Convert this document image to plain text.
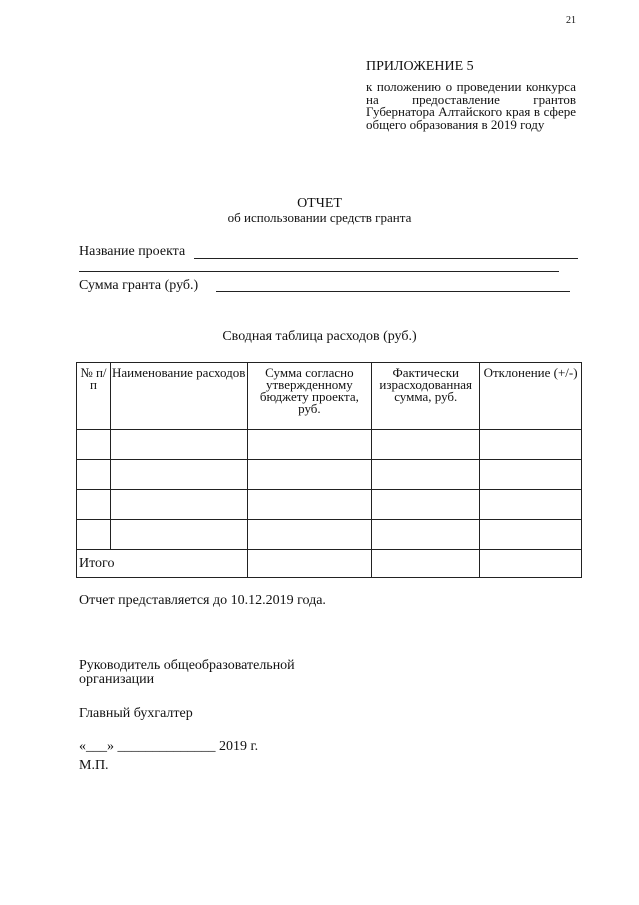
21
ПРИЛОЖЕНИЕ 5
к положению о проведении конкурса на предоставление грантов Губернатора Алтайского края в сфере общего образования в 2019 году
ОТЧЕТ
об использовании средств гранта
Название проекта
Сумма гранта (руб.)
Сводная таблица расходов (руб.)
№ п/п	Наименование расходов	Сумма согласно утвержденному бюджету проекта, руб.	Фактически израсходованная сумма, руб.	Отклонение (+/-)

Итого				
Отчет представляется до 10.12.2019 года.
Руководитель общеобразовательной организации
Главный бухгалтер
«___» ______________ 2019 г.
М.П.
